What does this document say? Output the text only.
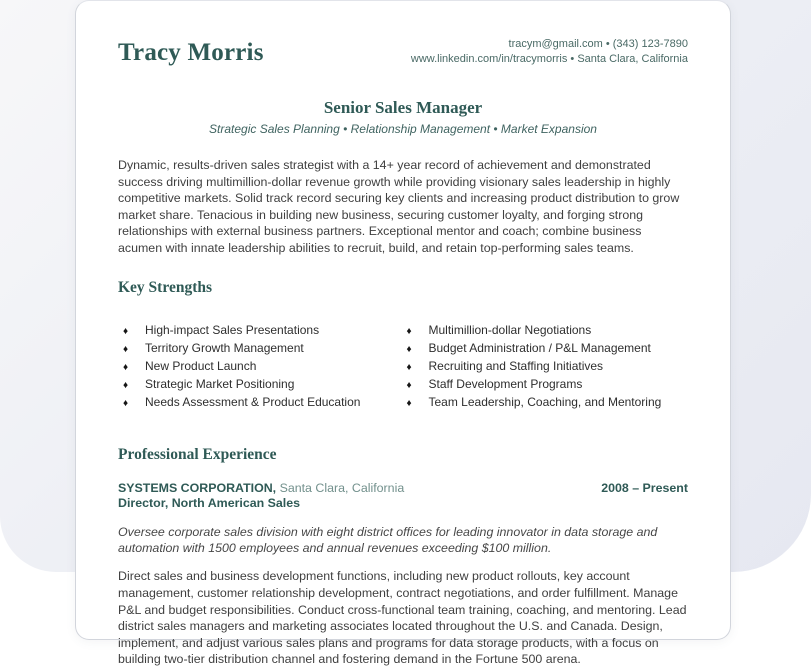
Tracy Morris	tracym@gmail.com • (343) 123-7890
www.linkedin.com/in/tracymorris • Santa Clara, California
Senior Sales Manager
Strategic Sales Planning • Relationship Management • Market Expansion
Dynamic, results-driven sales strategist with a 14+ year record of achievement and demonstrated success driving multimillion-dollar revenue growth while providing visionary sales leadership in highly competitive markets. Solid track record securing key clients and increasing product distribution to grow market share. Tenacious in building new business, securing customer loyalty, and forging strong relationships with external business partners. Exceptional mentor and coach; combine business acumen with innate leadership abilities to recruit, build, and retain top-performing sales teams.
Key Strengths
♦	High-impact Sales Presentations	♦	Multimillion-dollar Negotiations
♦	Territory Growth Management	♦	Budget Administration / P&L Management
♦	New Product Launch	♦	Recruiting and Staffing Initiatives
♦	Strategic Market Positioning	♦	Staff Development Programs
♦	Needs Assessment & Product Education	♦	Team Leadership, Coaching, and Mentoring
Professional Experience
SYSTEMS CORPORATION, Santa Clara, California	2008 – Present
Director, North American Sales
Oversee corporate sales division with eight district offices for leading innovator in data storage and automation with 1500 employees and annual revenues exceeding $100 million.
Direct sales and business development functions, including new product rollouts, key account management, customer relationship development, contract negotiations, and order fulfillment. Manage P&L and budget responsibilities. Conduct cross-functional team training, coaching, and mentoring. Lead district sales managers and marketing associates located throughout the U.S. and Canada. Design, implement, and adjust various sales plans and programs for data storage products, with a focus on building two-tier distribution channel and fostering demand in the Fortune 500 arena.
